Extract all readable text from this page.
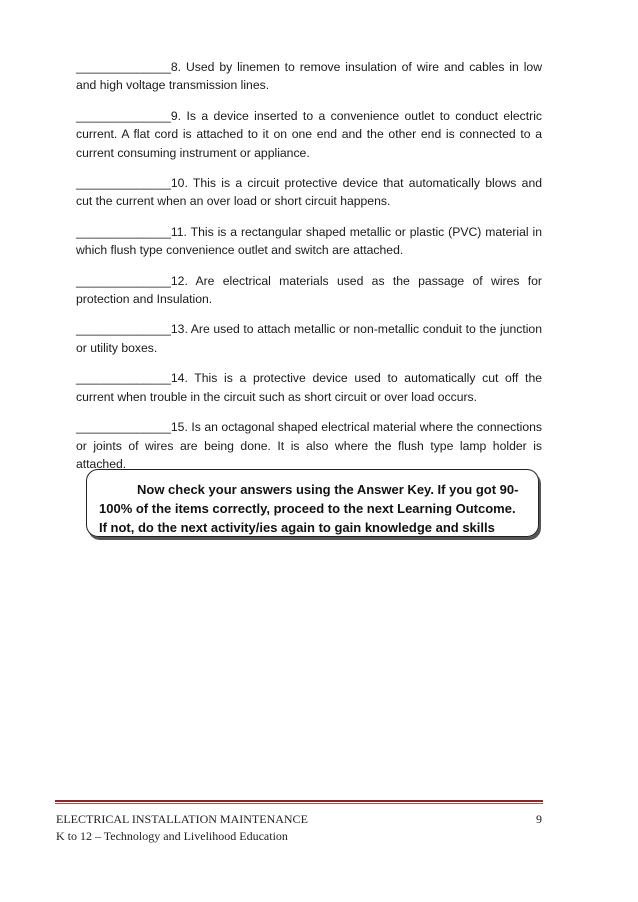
______________8. Used by linemen to remove insulation of wire and cables in low and high voltage transmission lines.

______________9. Is a device inserted to a convenience outlet to conduct electric current. A flat cord is attached to it on one end and the other end is connected to a current consuming instrument or appliance.

______________10. This is a circuit protective device that automatically blows and cut the current when an over load or short circuit happens.

______________11. This is a rectangular shaped metallic or plastic (PVC) material in which flush type convenience outlet and switch are attached.

______________12. Are electrical materials used as the passage of wires for protection and Insulation.

______________13. Are used to attach metallic or non-metallic conduit to the junction or utility boxes.

______________14. This is a protective device used to automatically cut off the current when trouble in the circuit such as short circuit or over load occurs.

______________15. Is an octagonal shaped electrical material where the connections or joints of wires are being done. It is also where the flush type lamp holder is attached.

Now check your answers using the Answer Key. If you got 90-100% of the items correctly, proceed to the next Learning Outcome. If not, do the next activity/ies again to gain knowledge and skills
ELECTRICAL INSTALLATION MAINTENANCE	9
K to 12 – Technology and Livelihood Education
